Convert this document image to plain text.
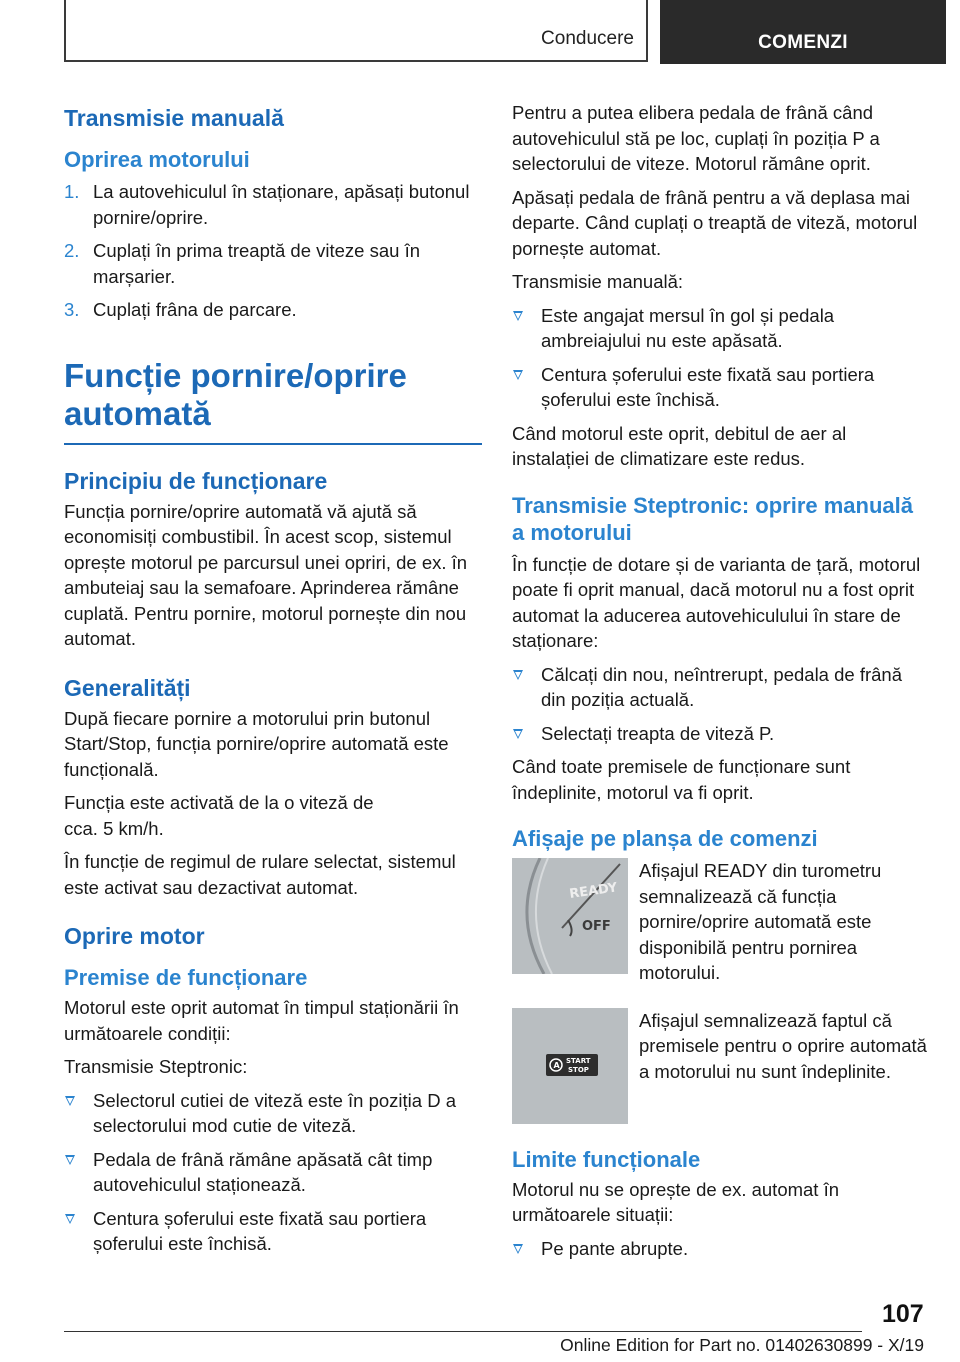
Conducere	COMENZI
Transmisie manuală
Oprirea motorului
1. La autovehiculul în staționare, apăsați butonul pornire/oprire.
2. Cuplați în prima treaptă de viteze sau în marșarier.
3. Cuplați frâna de parcare.
Funcție pornire/oprire automată
Principiu de funcționare

Funcția pornire/oprire automată vă ajută să economisiți combustibil. În acest scop, sistemul oprește motorul pe parcursul unei opriri, de ex. în ambuteiaj sau la semafoare. Aprinderea rămâne cuplată. Pentru pornire, motorul pornește din nou automat.

Generalități

După fiecare pornire a motorului prin butonul Start/Stop, funcția pornire/oprire automată este funcțională.

Funcția este activată de la o viteză de cca. 5 km/h.

În funcție de regimul de rulare selectat, sistemul este activat sau dezactivat automat.

Oprire motor
Premise de funcționare

Motorul este oprit automat în timpul staționării în următoarele condiții:

Transmisie Steptronic:

Selectorul cutiei de viteză este în poziția D a selectorului mod cutie de viteză.
Pedala de frână rămâne apăsată cât timp autovehiculul staționează.
Centura șoferului este fixată sau portiera șoferului este închisă.

Pentru a putea elibera pedala de frână când autovehiculul stă pe loc, cuplați în poziția P a selectorului de viteze. Motorul rămâne oprit.

Apăsați pedala de frână pentru a vă deplasa mai departe. Când cuplați o treaptă de viteză, motorul pornește automat.

Transmisie manuală:

Este angajat mersul în gol și pedala ambreiajului nu este apăsată.
Centura șoferului este fixată sau portiera șoferului este închisă.

Când motorul este oprit, debitul de aer al instalației de climatizare este redus.

Transmisie Steptronic: oprire manuală a motorului

În funcție de dotare și de varianta de țară, motorul poate fi oprit manual, dacă motorul nu a fost oprit automat la aducerea autovehiculului în stare de staționare:

Călcați din nou, neîntrerupt, pedala de frână din poziția actuală.
Selectați treapta de viteză P.

Când toate premisele de funcționare sunt îndeplinite, motorul va fi oprit.

Afișaje pe planșa de comenzi
READY
OFF

Afișajul READY din turometru semnalizează că funcția pornire/oprire automată este disponibilă pentru pornirea motorului.

A START
STOP

Afișajul semnalizează faptul că premisele pentru o oprire automată a motorului nu sunt îndeplinite.

Limite funcționale

Motorul nu se oprește de ex. automat în următoarele situații:

Pe pante abrupte.
107
Online Edition for Part no. 01402630899 - X/19
